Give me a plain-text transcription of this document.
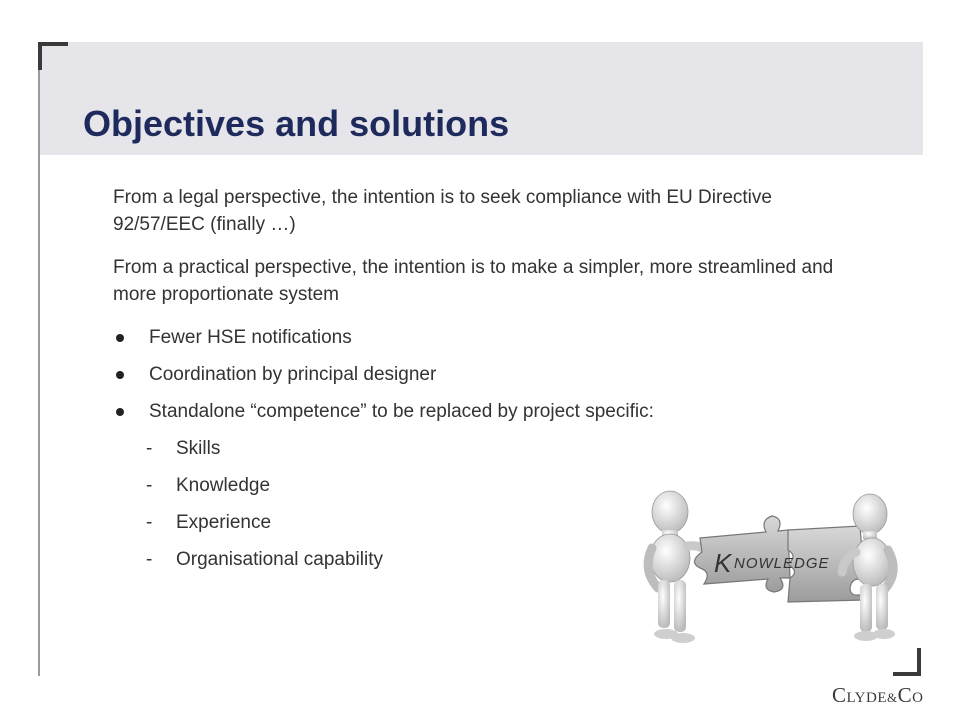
Objectives and solutions

From a legal perspective, the intention is to seek compliance with EU Directive 92/57/EEC (finally …)

From a practical perspective, the intention is to make a simpler, more streamlined and more proportionate system

Fewer HSE notifications
Coordination by principal designer
Standalone “competence” to be replaced by project specific:
- Skills
- Knowledge
- Experience
- Organisational capability	K NOWLEDGE
CLYDE&CO
